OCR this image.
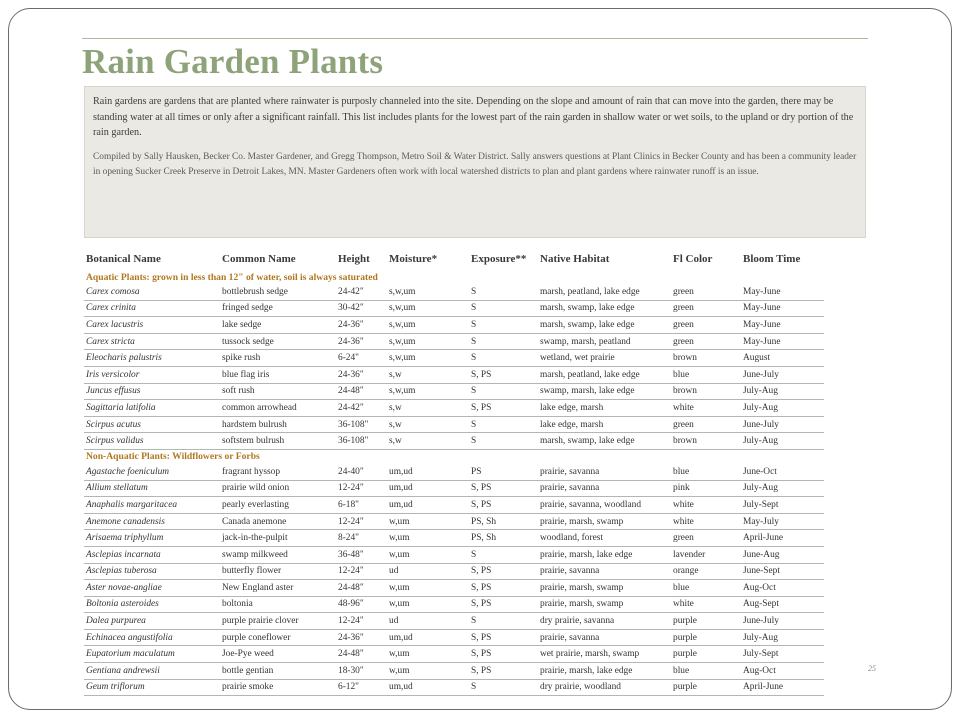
Rain Garden Plants

Rain gardens are gardens that are planted where rainwater is purposly channeled into the site. Depending on the slope and amount of rain that can move into the garden, there may be standing water at all times or only after a significant rainfall. This list includes plants for the lowest part of the rain garden in shallow water or wet soils, to the upland or dry portion of the rain garden.

Compiled by Sally Hausken, Becker Co. Master Gardener, and Gregg Thompson, Metro Soil & Water District. Sally answers questions at Plant Clinics in Becker County and has been a community leader in opening Sucker Creek Preserve in Detroit Lakes, MN. Master Gardeners often work with local watershed districts to plan and plant gardens where rainwater runoff is an issue.

Botanical Name	Common Name	Height	Moisture*	Exposure**	Native Habitat	Fl Color	Bloom Time
Aquatic Plants: grown in less than 12" of water, soil is always saturated							
Carex comosa	bottlebrush sedge	24-42"	s,w,um	S	marsh, peatland, lake edge	green	May-June
Carex crinita	fringed sedge	30-42"	s,w,um	S	marsh, swamp, lake edge	green	May-June
Carex lacustris	lake sedge	24-36"	s,w,um	S	marsh, swamp, lake edge	green	May-June
Carex stricta	tussock sedge	24-36"	s,w,um	S	swamp, marsh, peatland	green	May-June
Eleocharis palustris	spike rush	6-24"	s,w,um	S	wetland, wet prairie	brown	August
Iris versicolor	blue flag iris	24-36"	s,w	S, PS	marsh, peatland, lake edge	blue	June-July
Juncus effusus	soft rush	24-48"	s,w,um	S	swamp, marsh, lake edge	brown	July-Aug
Sagittaria latifolia	common arrowhead	24-42"	s,w	S, PS	lake edge, marsh	white	July-Aug
Scirpus acutus	hardstem bulrush	36-108"	s,w	S	lake edge, marsh	green	June-July
Scirpus validus	softstem bulrush	36-108"	s,w	S	marsh, swamp, lake edge	brown	July-Aug
Non-Aquatic Plants: Wildflowers or Forbs							
Agastache foeniculum	fragrant hyssop	24-40"	um,ud	PS	prairie, savanna	blue	June-Oct
Allium stellatum	prairie wild onion	12-24"	um,ud	S, PS	prairie, savanna	pink	July-Aug
Anaphalis margaritacea	pearly everlasting	6-18"	um,ud	S, PS	prairie, savanna, woodland	white	July-Sept
Anemone canadensis	Canada anemone	12-24"	w,um	PS, Sh	prairie, marsh, swamp	white	May-July
Arisaema triphyllum	jack-in-the-pulpit	8-24"	w,um	PS, Sh	woodland, forest	green	April-June
Asclepias incarnata	swamp milkweed	36-48"	w,um	S	prairie, marsh, lake edge	lavender	June-Aug
Asclepias tuberosa	butterfly flower	12-24"	ud	S, PS	prairie, savanna	orange	June-Sept
Aster novae-angliae	New England aster	24-48"	w,um	S, PS	prairie, marsh, swamp	blue	Aug-Oct
Boltonia asteroides	boltonia	48-96"	w,um	S, PS	prairie, marsh, swamp	white	Aug-Sept
Dalea purpurea	purple prairie clover	12-24"	ud	S	dry prairie, savanna	purple	June-July
Echinacea angustifolia	purple coneflower	24-36"	um,ud	S, PS	prairie, savanna	purple	July-Aug
Eupatorium maculatum	Joe-Pye weed	24-48"	w,um	S, PS	wet prairie, marsh, swamp	purple	July-Sept
Gentiana andrewsii	bottle gentian	18-30"	w,um	S, PS	prairie, marsh, lake edge	blue	Aug-Oct
Geum triflorum	prairie smoke	6-12"	um,ud	S	dry prairie, woodland	purple	April-June
25
